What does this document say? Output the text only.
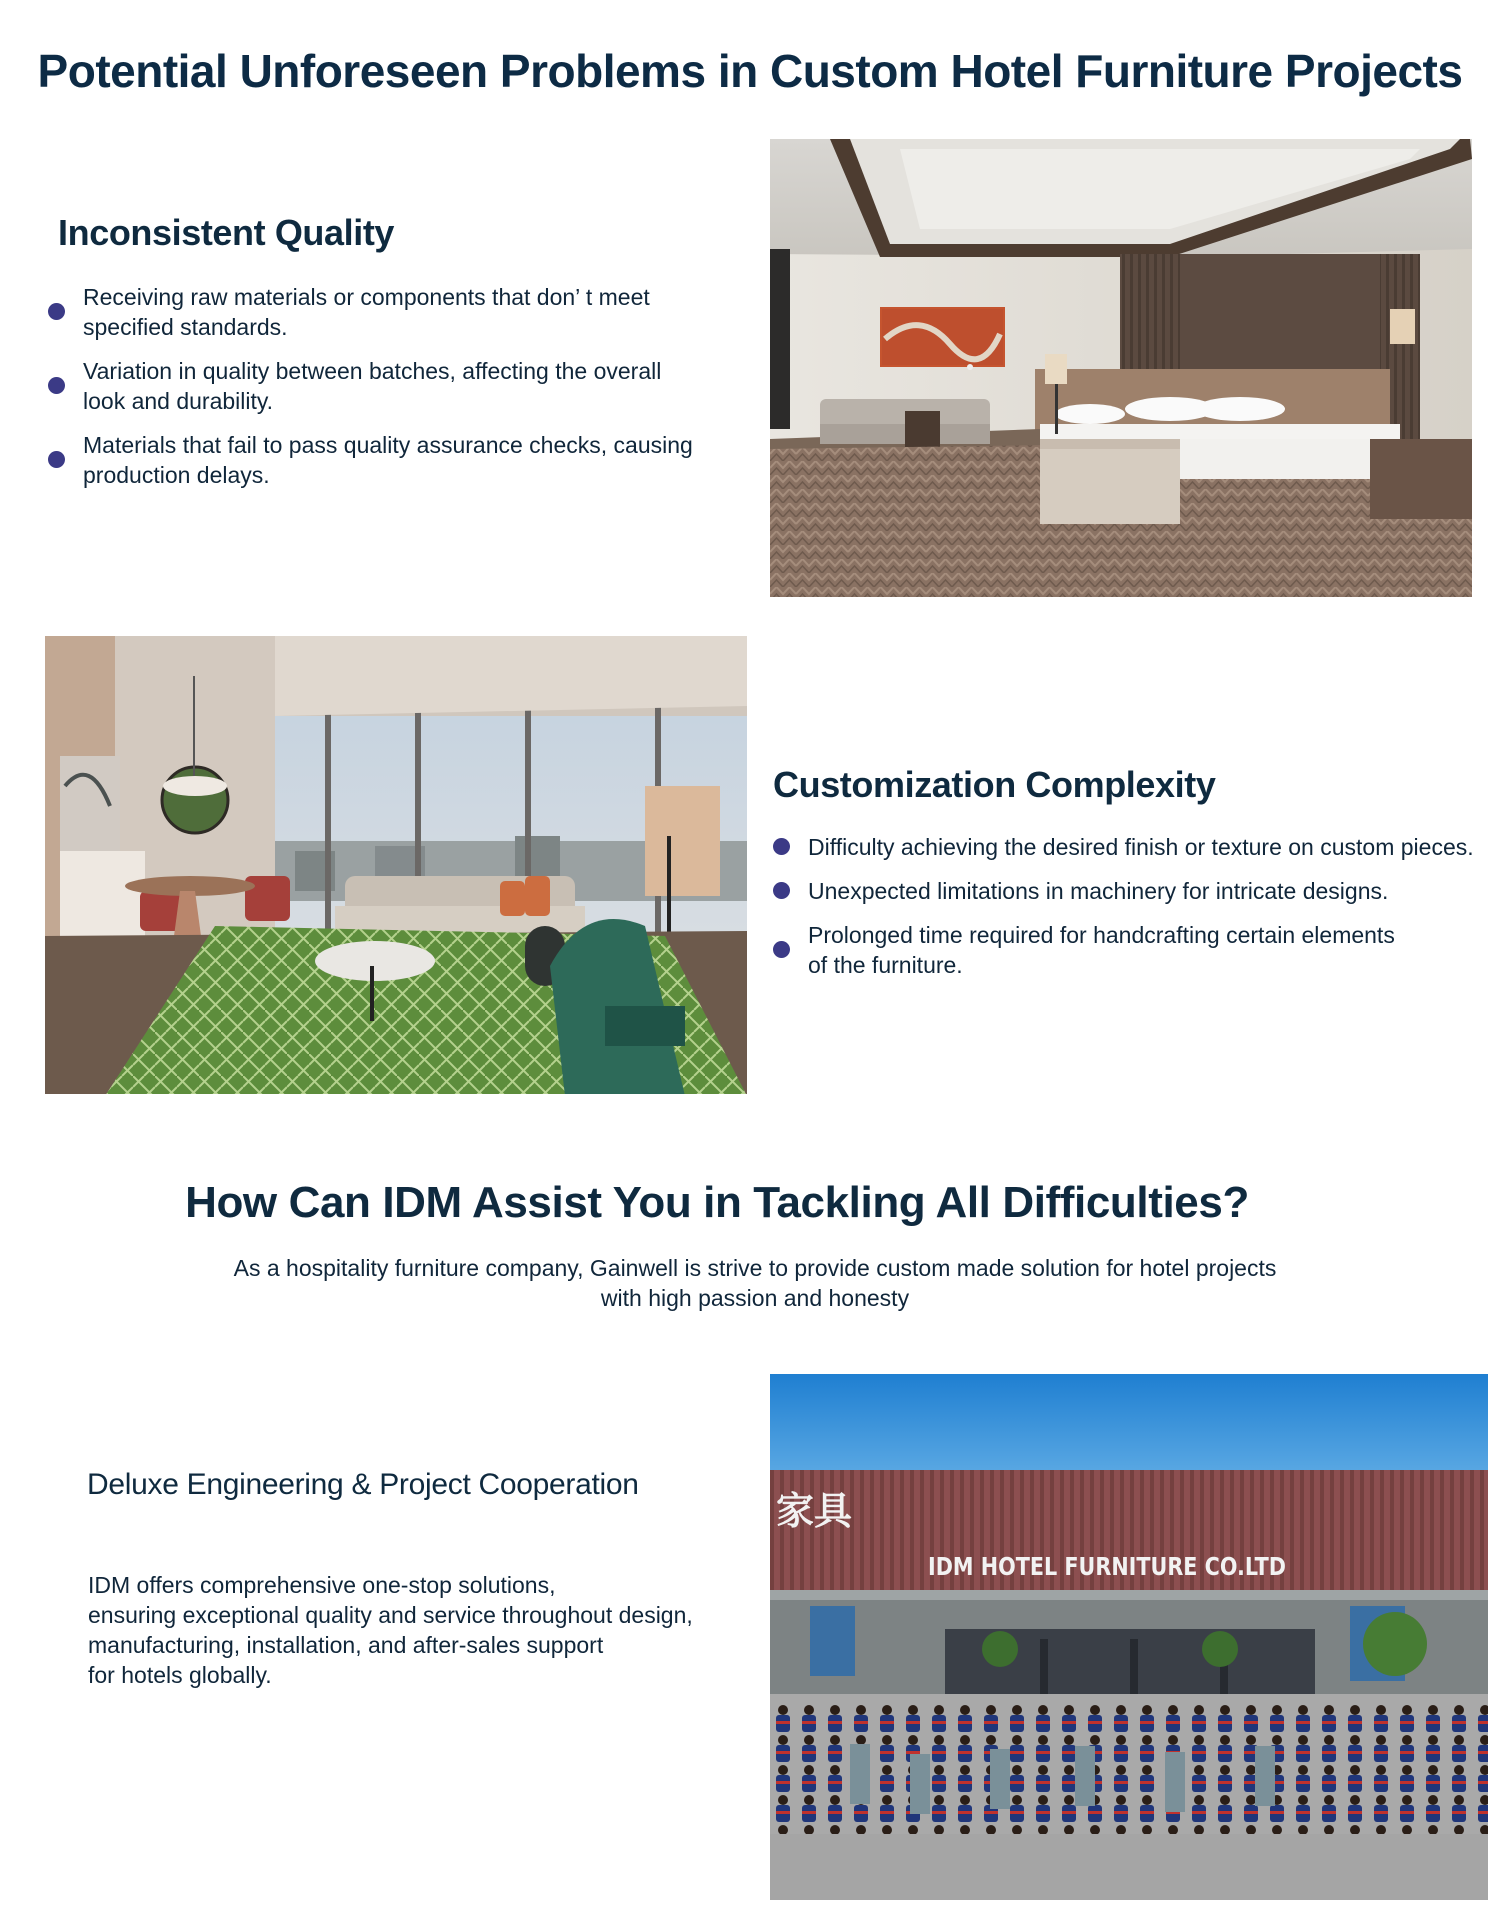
Potential Unforeseen Problems in Custom Hotel Furniture Projects
Inconsistent Quality
Receiving raw materials or components that don’ t meet
specified standards.
Variation in quality between batches, affecting the overall
look and durability.
Materials that fail to pass quality assurance checks, causing
production delays.
Customization Complexity
Difficulty achieving the desired finish or texture on custom pieces.
Unexpected limitations in machinery for intricate designs.
Prolonged time required for handcrafting certain elements
of the furniture.
How Can IDM Assist You in Tackling All Difficulties?
As a hospitality furniture company, Gainwell is strive to provide custom made solution for hotel projects
with high passion and honesty
Deluxe Engineering & Project Cooperation
IDM offers comprehensive one-stop solutions,
ensuring exceptional quality and service throughout design,
manufacturing, installation, and after-sales support
for hotels globally.
家具
IDM HOTEL FURNITURE CO.LTD
